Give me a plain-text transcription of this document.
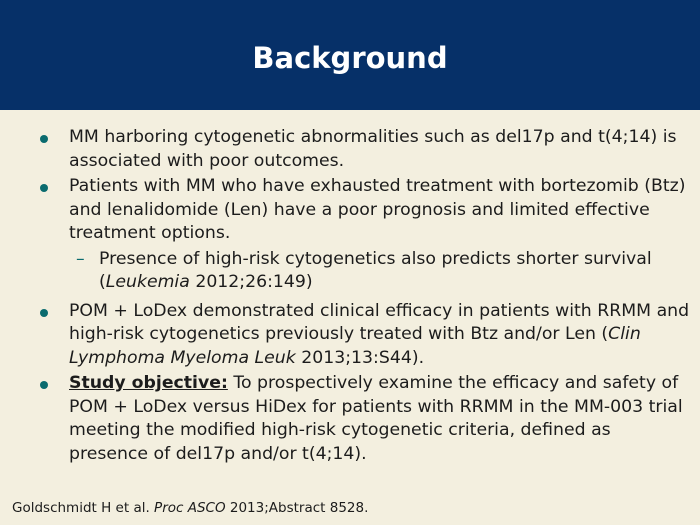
Background
MM harboring cytogenetic abnormalities such as del17p and t(4;14) is associated with poor outcomes.
Patients with MM who have exhausted treatment with bortezomib (Btz) and lenalidomide (Len) have a poor prognosis and limited effective treatment options.
– Presence of high-risk cytogenetics also predicts shorter survival (Leukemia 2012;26:149)
POM + LoDex demonstrated clinical efficacy in patients with RRMM and high-risk cytogenetics previously treated with Btz and/or Len (Clin Lymphoma Myeloma Leuk 2013;13:S44).
Study objective: To prospectively examine the efficacy and safety of POM + LoDex versus HiDex for patients with RRMM in the MM-003 trial meeting the modified high-risk cytogenetic criteria, defined as presence of del17p and/or t(4;14).
Goldschmidt H et al. Proc ASCO 2013;Abstract 8528.
